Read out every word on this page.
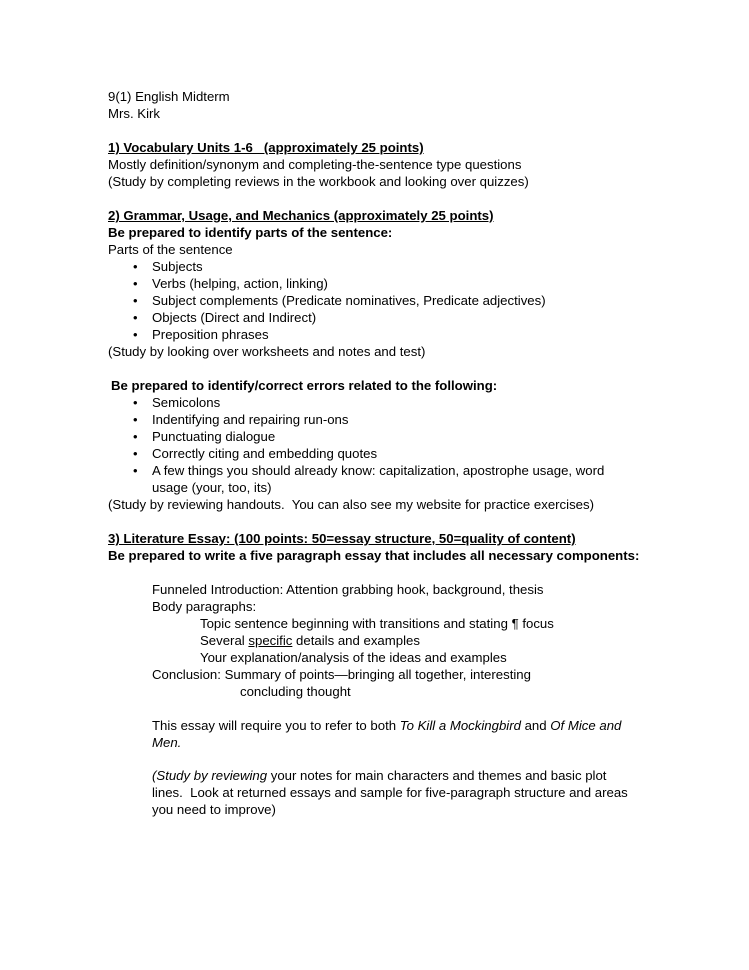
9(1) English Midterm
Mrs. Kirk
1) Vocabulary Units 1-6   (approximately 25 points)
Mostly definition/synonym and completing-the-sentence type questions
(Study by completing reviews in the workbook and looking over quizzes)
2) Grammar, Usage, and Mechanics (approximately 25 points)
Be prepared to identify parts of the sentence:
Parts of the sentence
• Subjects
• Verbs (helping, action, linking)
• Subject complements (Predicate nominatives, Predicate adjectives)
• Objects (Direct and Indirect)
• Preposition phrases
(Study by looking over worksheets and notes and test)
Be prepared to identify/correct errors related to the following:
• Semicolons
• Indentifying and repairing run-ons
• Punctuating dialogue
• Correctly citing and embedding quotes
• A few things you should already know: capitalization, apostrophe usage, word usage (your, too, its)
(Study by reviewing handouts.  You can also see my website for practice exercises)
3) Literature Essay: (100 points: 50=essay structure, 50=quality of content)
Be prepared to write a five paragraph essay that includes all necessary components:
Funneled Introduction: Attention grabbing hook, background, thesis
Body paragraphs:
Topic sentence beginning with transitions and stating ¶ focus
Several specific details and examples
Your explanation/analysis of the ideas and examples
Conclusion: Summary of points—bringing all together, interesting
concluding thought
This essay will require you to refer to both To Kill a Mockingbird and Of Mice and Men.
(Study by reviewing your notes for main characters and themes and basic plot lines.  Look at returned essays and sample for five-paragraph structure and areas you need to improve)
